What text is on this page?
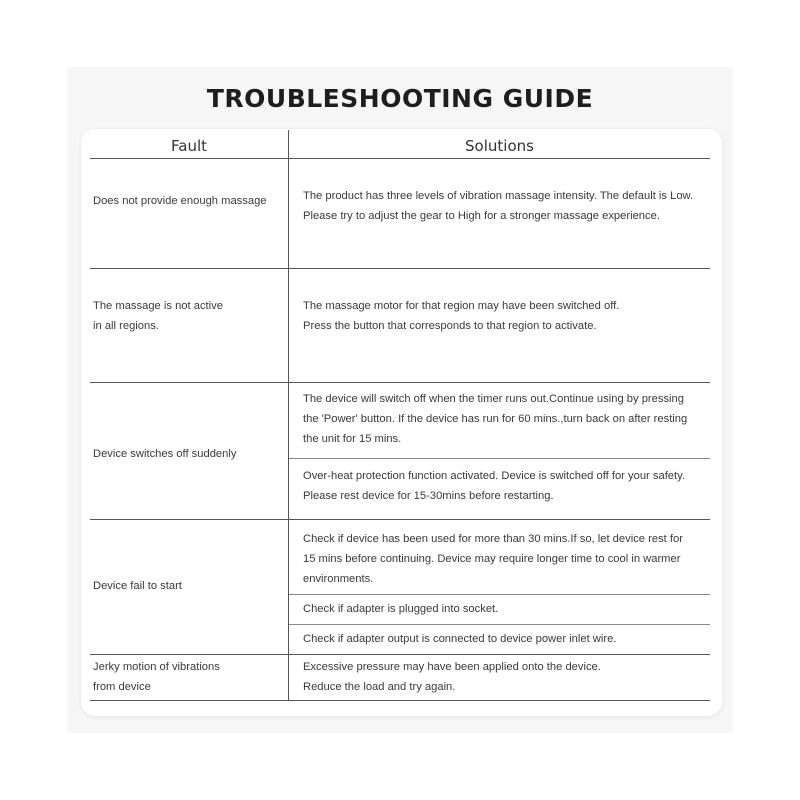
TROUBLESHOOTING GUIDE
Fault	Solutions
Does not provide enough massage	The product has three levels of vibration massage intensity. The default is Low.
Please try to adjust the gear to High for a stronger massage experience.
The massage is not active
in all regions.
The massage motor for that region may have been switched off.
Press the button that corresponds to that region to activate.
Device switches off suddenly
The device will switch off when the timer runs out.Continue using by pressing
the 'Power' button. If the device has run for 60 mins.,turn back on after resting
the unit for 15 mins.
Over-heat protection function activated. Device is switched off for your safety.
Please rest device for 15-30mins before restarting.
Device fail to start
Check if device has been used for more than 30 mins.If so, let device rest for
15 mins before continuing. Device may require longer time to cool in warmer
environments.
Check if adapter is plugged into socket.
Check if adapter output is connected to device power inlet wire.
Jerky motion of vibrations
from device
Excessive pressure may have been applied onto the device.
Reduce the load and try again.
